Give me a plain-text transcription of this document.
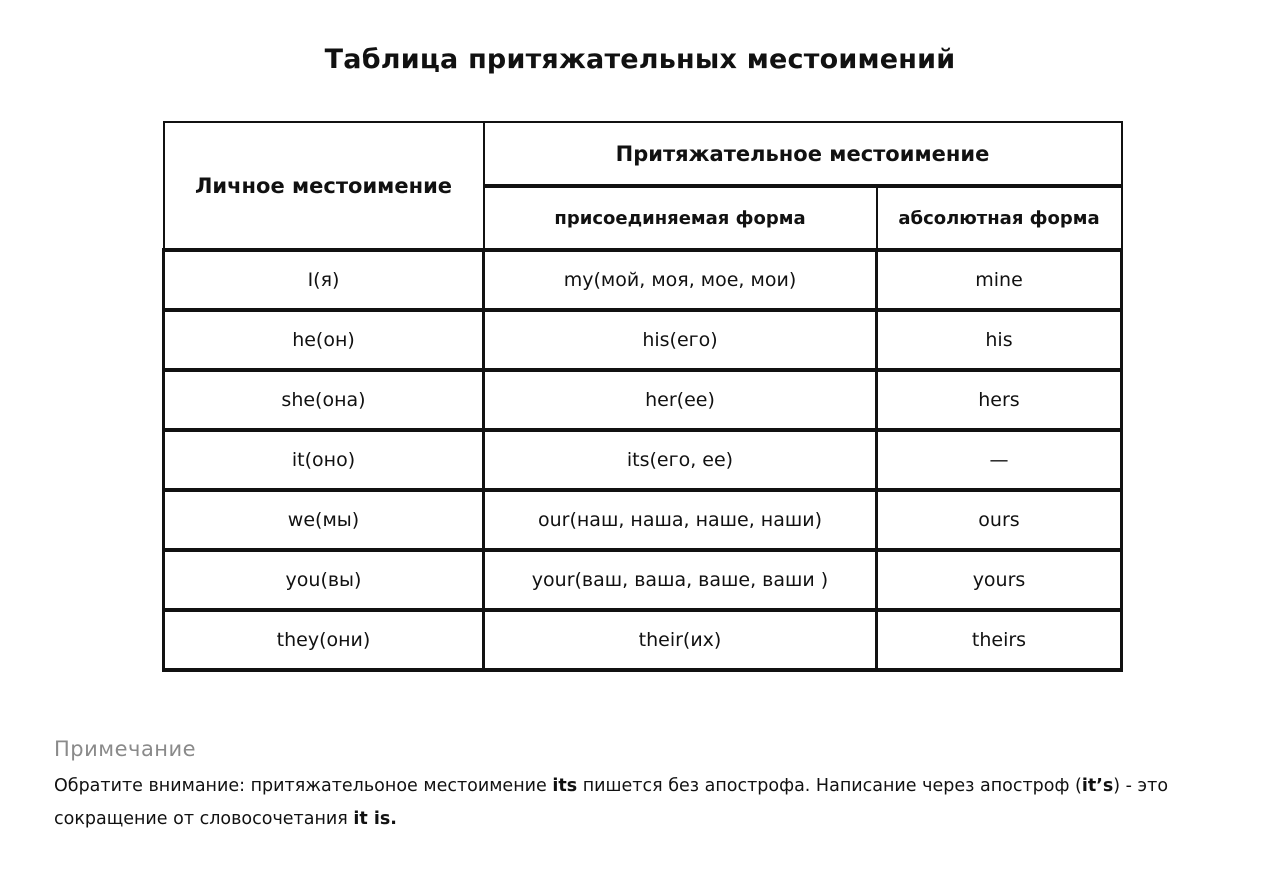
Таблица притяжательных местоимений
Личное местоимение	Притяжательное местоимение	
	присоединяемая форма	абсолютная форма
I(я)	my(мой, моя, мое, мои)	mine
he(он)	his(его)	his
she(она)	her(ее)	hers
it(оно)	its(его, ее)	—
we(мы)	our(наш, наша, наше, наши)	ours
you(вы)	your(ваш, ваша, ваше, ваши )	yours
they(они)	their(их)	theirs
Примечание

Обратите внимание: притяжательоное местоимение its пишется без апострофа. Написание через апостроф (it’s) - это сокращение от словосочетания it is.
